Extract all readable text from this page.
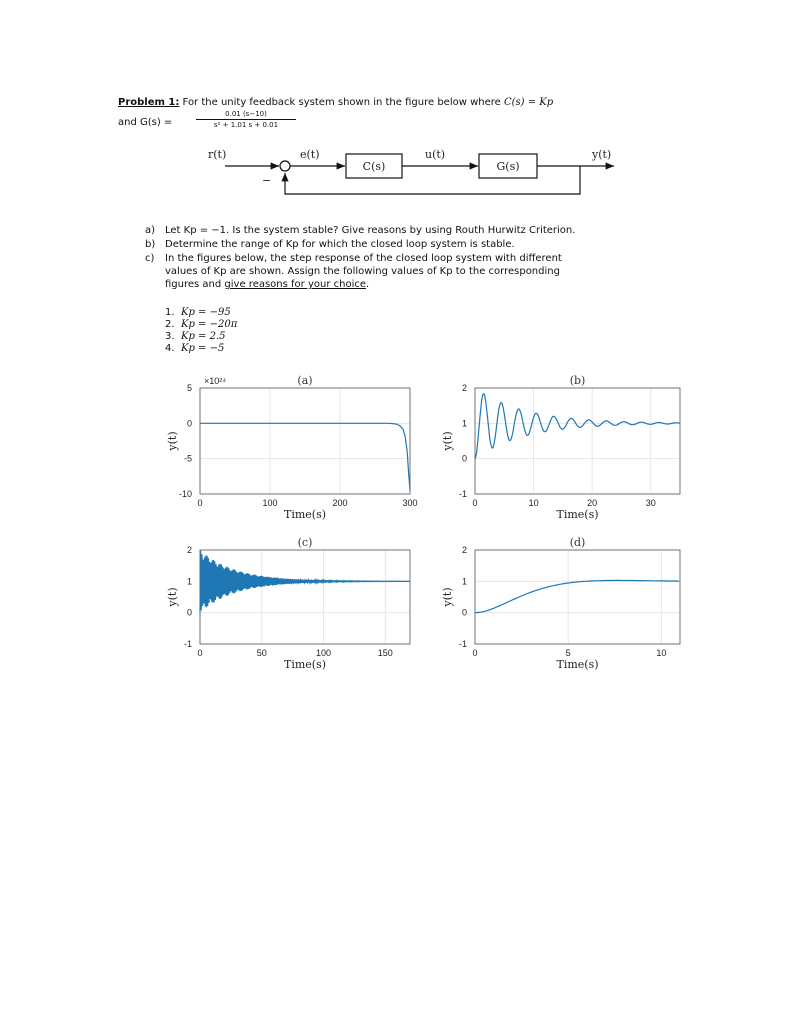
Problem 1: For the unity feedback system shown in the figure below where C(s) = Kp
and G(s) =	$\frac{0.01 (s-10)}{\text{s² + 1.01 s + 0.01}}$
r(t)	e(t)	u(t)	y(t)
−
C(s)	G(s)
a) Let Kp = −1. Is the system stable? Give reasons by using Routh Hurwitz Criterion.
b) Determine the range of Kp for which the closed loop system is stable.
c) In the figures below, the step response of the closed loop system with different
values of Kp are shown. Assign the following values of Kp to the corresponding
figures and give reasons for your choice.
1. Kp = −95
2. Kp = −20π
3. Kp = 2.5
4. Kp = −5
(a)
0	100	200	300
5
0
-5
-10
Time(s)
y(t)
×10²⁴	(b)
0	10	20	30
2
1
0
-1
Time(s)
y(t)
(c)
0	50	100	150
2
1
0
-1
Time(s)
y(t)
(d)
0	5	10
2
1
0
-1
Time(s)
y(t)
